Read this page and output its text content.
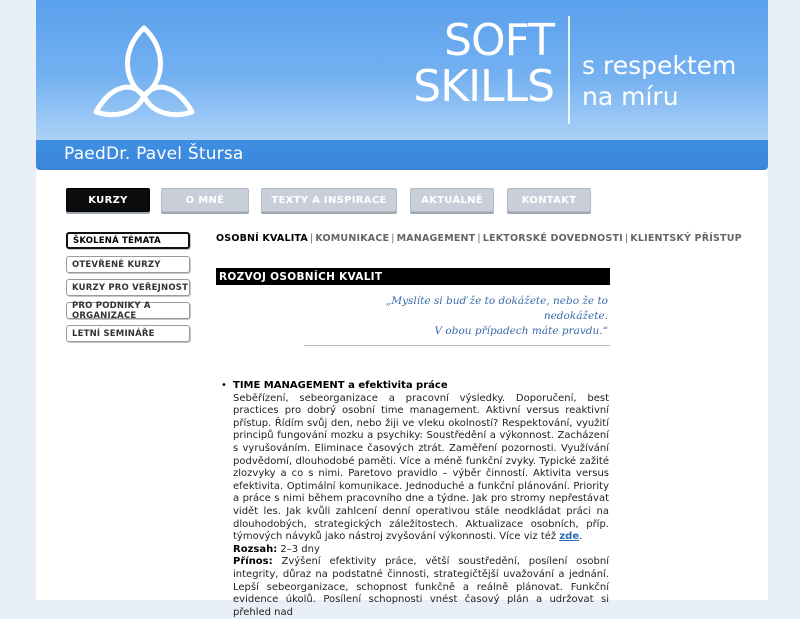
SOFT
SKILLS s respektem
na míru
PaedDr. Pavel Štursa
KURZY	O MNĚ	TEXTY A INSPIRACE	AKTUÁLNĚ	KONTAKT
ŠKOLENÁ TÉMATA
OTEVŘENÉ KURZY
KURZY PRO VEŘEJNOST
PRO PODNIKY A ORGANIZACE
LETNÍ SEMINÁŘE
OSOBNÍ KVALITA | KOMUNIKACE | MANAGEMENT | LEKTORSKÉ DOVEDNOSTI | KLIENTSKÝ PŘÍSTUP
ROZVOJ OSOBNÍCH KVALIT
„Myslíte si buď že to dokážete, nebo že to
nedokážete.
V obou případech máte pravdu.“
• TIME MANAGEMENT a efektivita práce
Seběřízení, sebeorganizace a pracovní výsledky. Doporučení, best practices pro dobrý osobní time management. Aktivní versus reaktivní přístup. Řídím svůj den, nebo žiji ve vleku okolností? Respektování, využití principů fungování mozku a psychiky: Soustředění a výkonnost. Zacházení s vyrušováním. Eliminace časových ztrát. Zaměření pozornosti. Využívání podvědomí, dlouhodobé paměti. Více a méně funkční zvyky. Typické zažité zlozvyky a co s nimi. Paretovo pravidlo – výběr činností. Aktivita versus efektivita. Optimální komunikace. Jednoduché a funkční plánování. Priority a práce s nimi během pracovního dne a týdne. Jak pro stromy nepřestávat vidět les. Jak kvůli zahlcení denní operativou stále neodkládat práci na dlouhodobých, strategických záležitostech. Aktualizace osobních, příp. týmových návyků jako nástroj zvyšování výkonnosti. Více viz též zde.
Rozsah: 2–3 dny
Přínos: Zvýšení efektivity práce, větší soustředění, posílení osobní integrity, důraz na podstatné činnosti, strategičtější uvažování a jednání. Lepší sebeorganizace, schopnost funkčně a reálně plánovat. Funkční evidence úkolů. Posílení schopnosti vnést časový plán a udržovat si přehled nad
